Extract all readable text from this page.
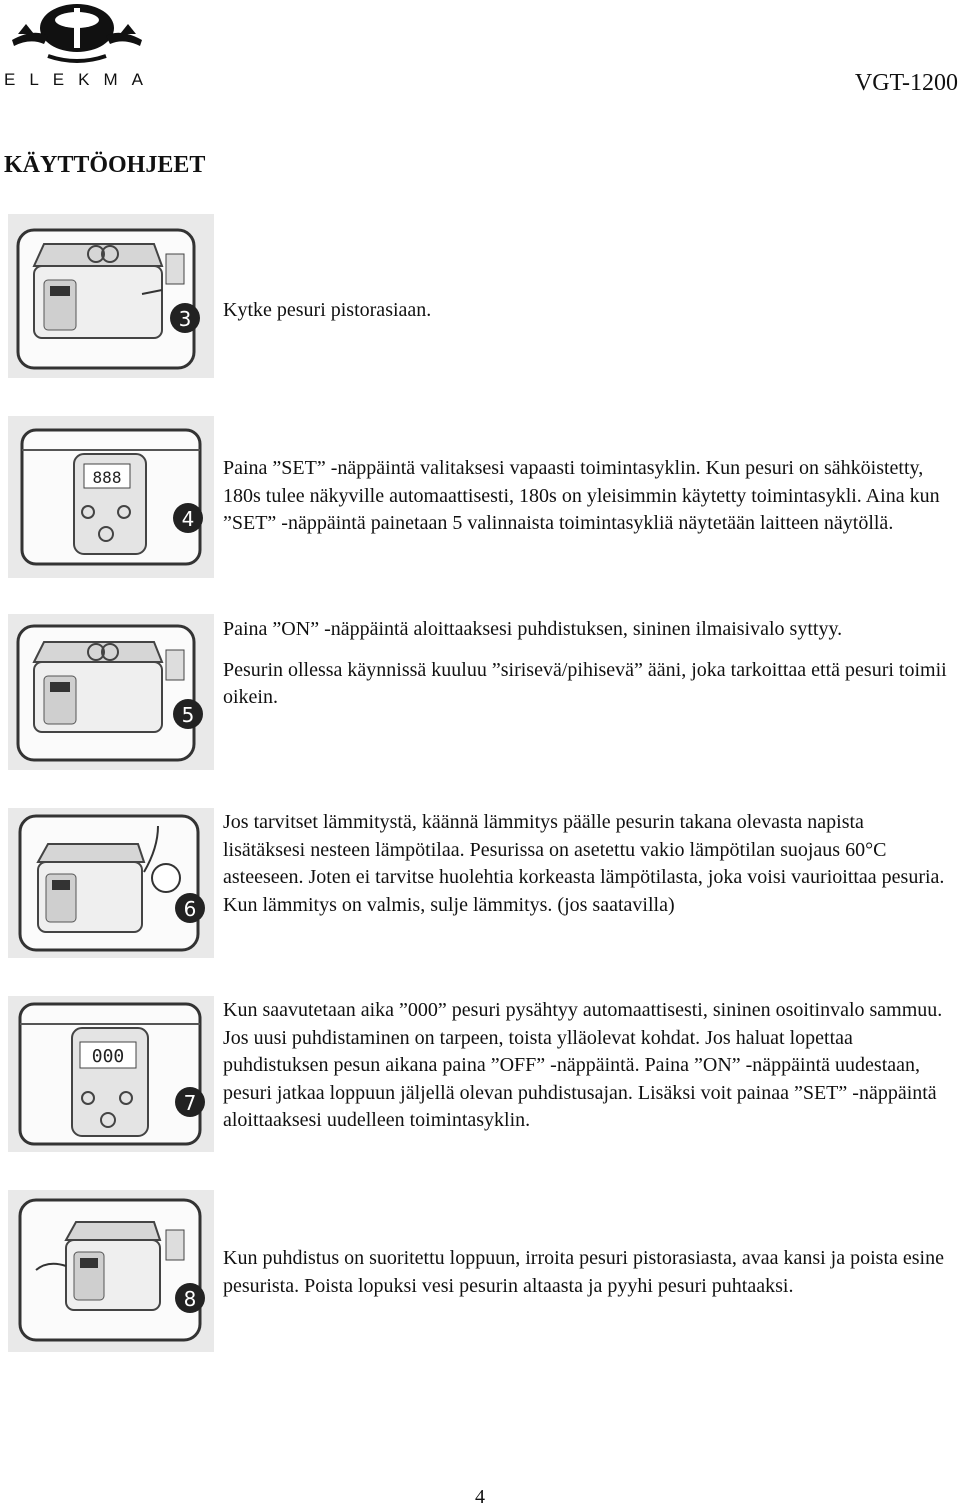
ELEKMA	VGT-1200
KÄYTTÖOHJEET
3 Kytke pesuri pistorasiaan.

888
4

Paina ”SET” -näppäintä valitaksesi vapaasti toimintasyklin. Kun pesuri on sähköistetty, 180s tulee näkyville automaattisesti, 180s on yleisimmin käytetty toimintasykli. Aina kun ”SET” -näppäintä painetaan 5 valinnaista toimintasykliä näytetään laitteen näytöllä.

5

Paina ”ON” -näppäintä aloittaaksesi puhdistuksen, sininen ilmaisivalo syttyy.

Pesurin ollessa käynnissä kuuluu ”sirisevä/pihisevä” ääni, joka tarkoittaa että pesuri toimii oikein.

6

Jos tarvitset lämmitystä, käännä lämmitys päälle pesurin takana olevasta napista lisätäksesi nesteen lämpötilaa. Pesurissa on asetettu vakio lämpötilan suojaus 60°C asteeseen. Joten ei tarvitse huolehtia korkeasta lämpötilasta, joka voisi vaurioittaa pesuria. Kun lämmitys on valmis, sulje lämmitys. (jos saatavilla)

000
7

Kun saavutetaan aika ”000” pesuri pysähtyy automaattisesti, sininen osoitinvalo sammuu. Jos uusi puhdistaminen on tarpeen, toista ylläolevat kohdat. Jos haluat lopettaa puhdistuksen pesun aikana paina ”OFF” -näppäintä. Paina ”ON” -näppäintä uudestaan, pesuri jatkaa loppuun jäljellä olevan puhdistusajan. Lisäksi voit painaa ”SET” -näppäintä aloittaaksesi uudelleen toimintasyklin.

8

Kun puhdistus on suoritettu loppuun, irroita pesuri pistorasiasta, avaa kansi ja poista esine pesurista. Poista lopuksi vesi pesurin altaasta ja pyyhi pesuri puhtaaksi.

4
